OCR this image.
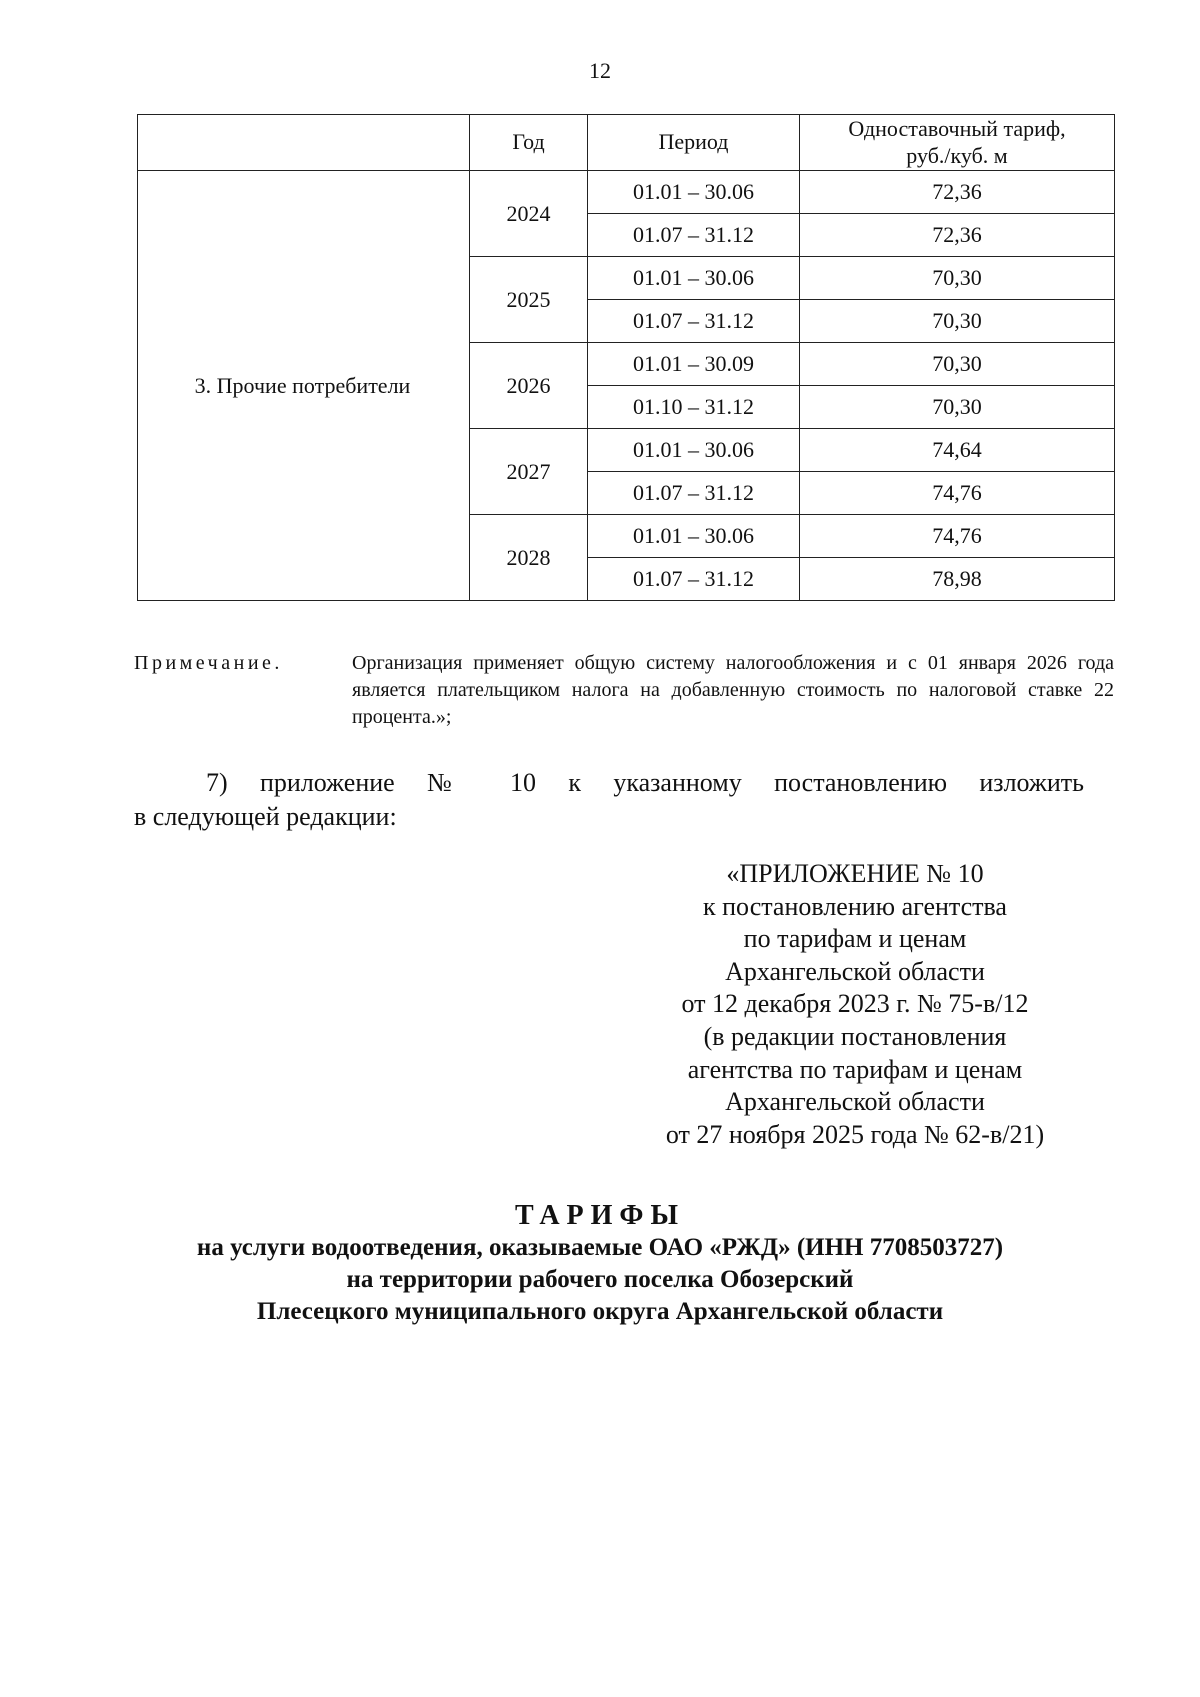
12
	Год	Период	Одноставочный тариф,
руб./куб. м
3. Прочие потребители	2024	01.01 – 30.06	72,36
		01.07 – 31.12	72,36
	2025	01.01 – 30.06	70,30
		01.07 – 31.12	70,30
	2026	01.01 – 30.09	70,30
		01.10 – 31.12	70,30
	2027	01.01 – 30.06	74,64
		01.07 – 31.12	74,76
	2028	01.01 – 30.06	74,76
		01.07 – 31.12	78,98
Примечание.	Организация применяет общую систему налогообложения и с 01 января 2026 года является плательщиком налога на добавленную стоимость по налоговой ставке 22 процента.»;
7) приложение № 10 к указанному постановлению изложить
в следующей редакции:
«ПРИЛОЖЕНИЕ № 10
к постановлению агентства
по тарифам и ценам
Архангельской области
от 12 декабря 2023 г. № 75-в/12
(в редакции постановления
агентства по тарифам и ценам
Архангельской области
от 27 ноября 2025 года № 62-в/21)
ТАРИФЫ
на услуги водоотведения, оказываемые ОАО «РЖД» (ИНН 7708503727)
на территории рабочего поселка Обозерский
Плесецкого муниципального округа Архангельской области
